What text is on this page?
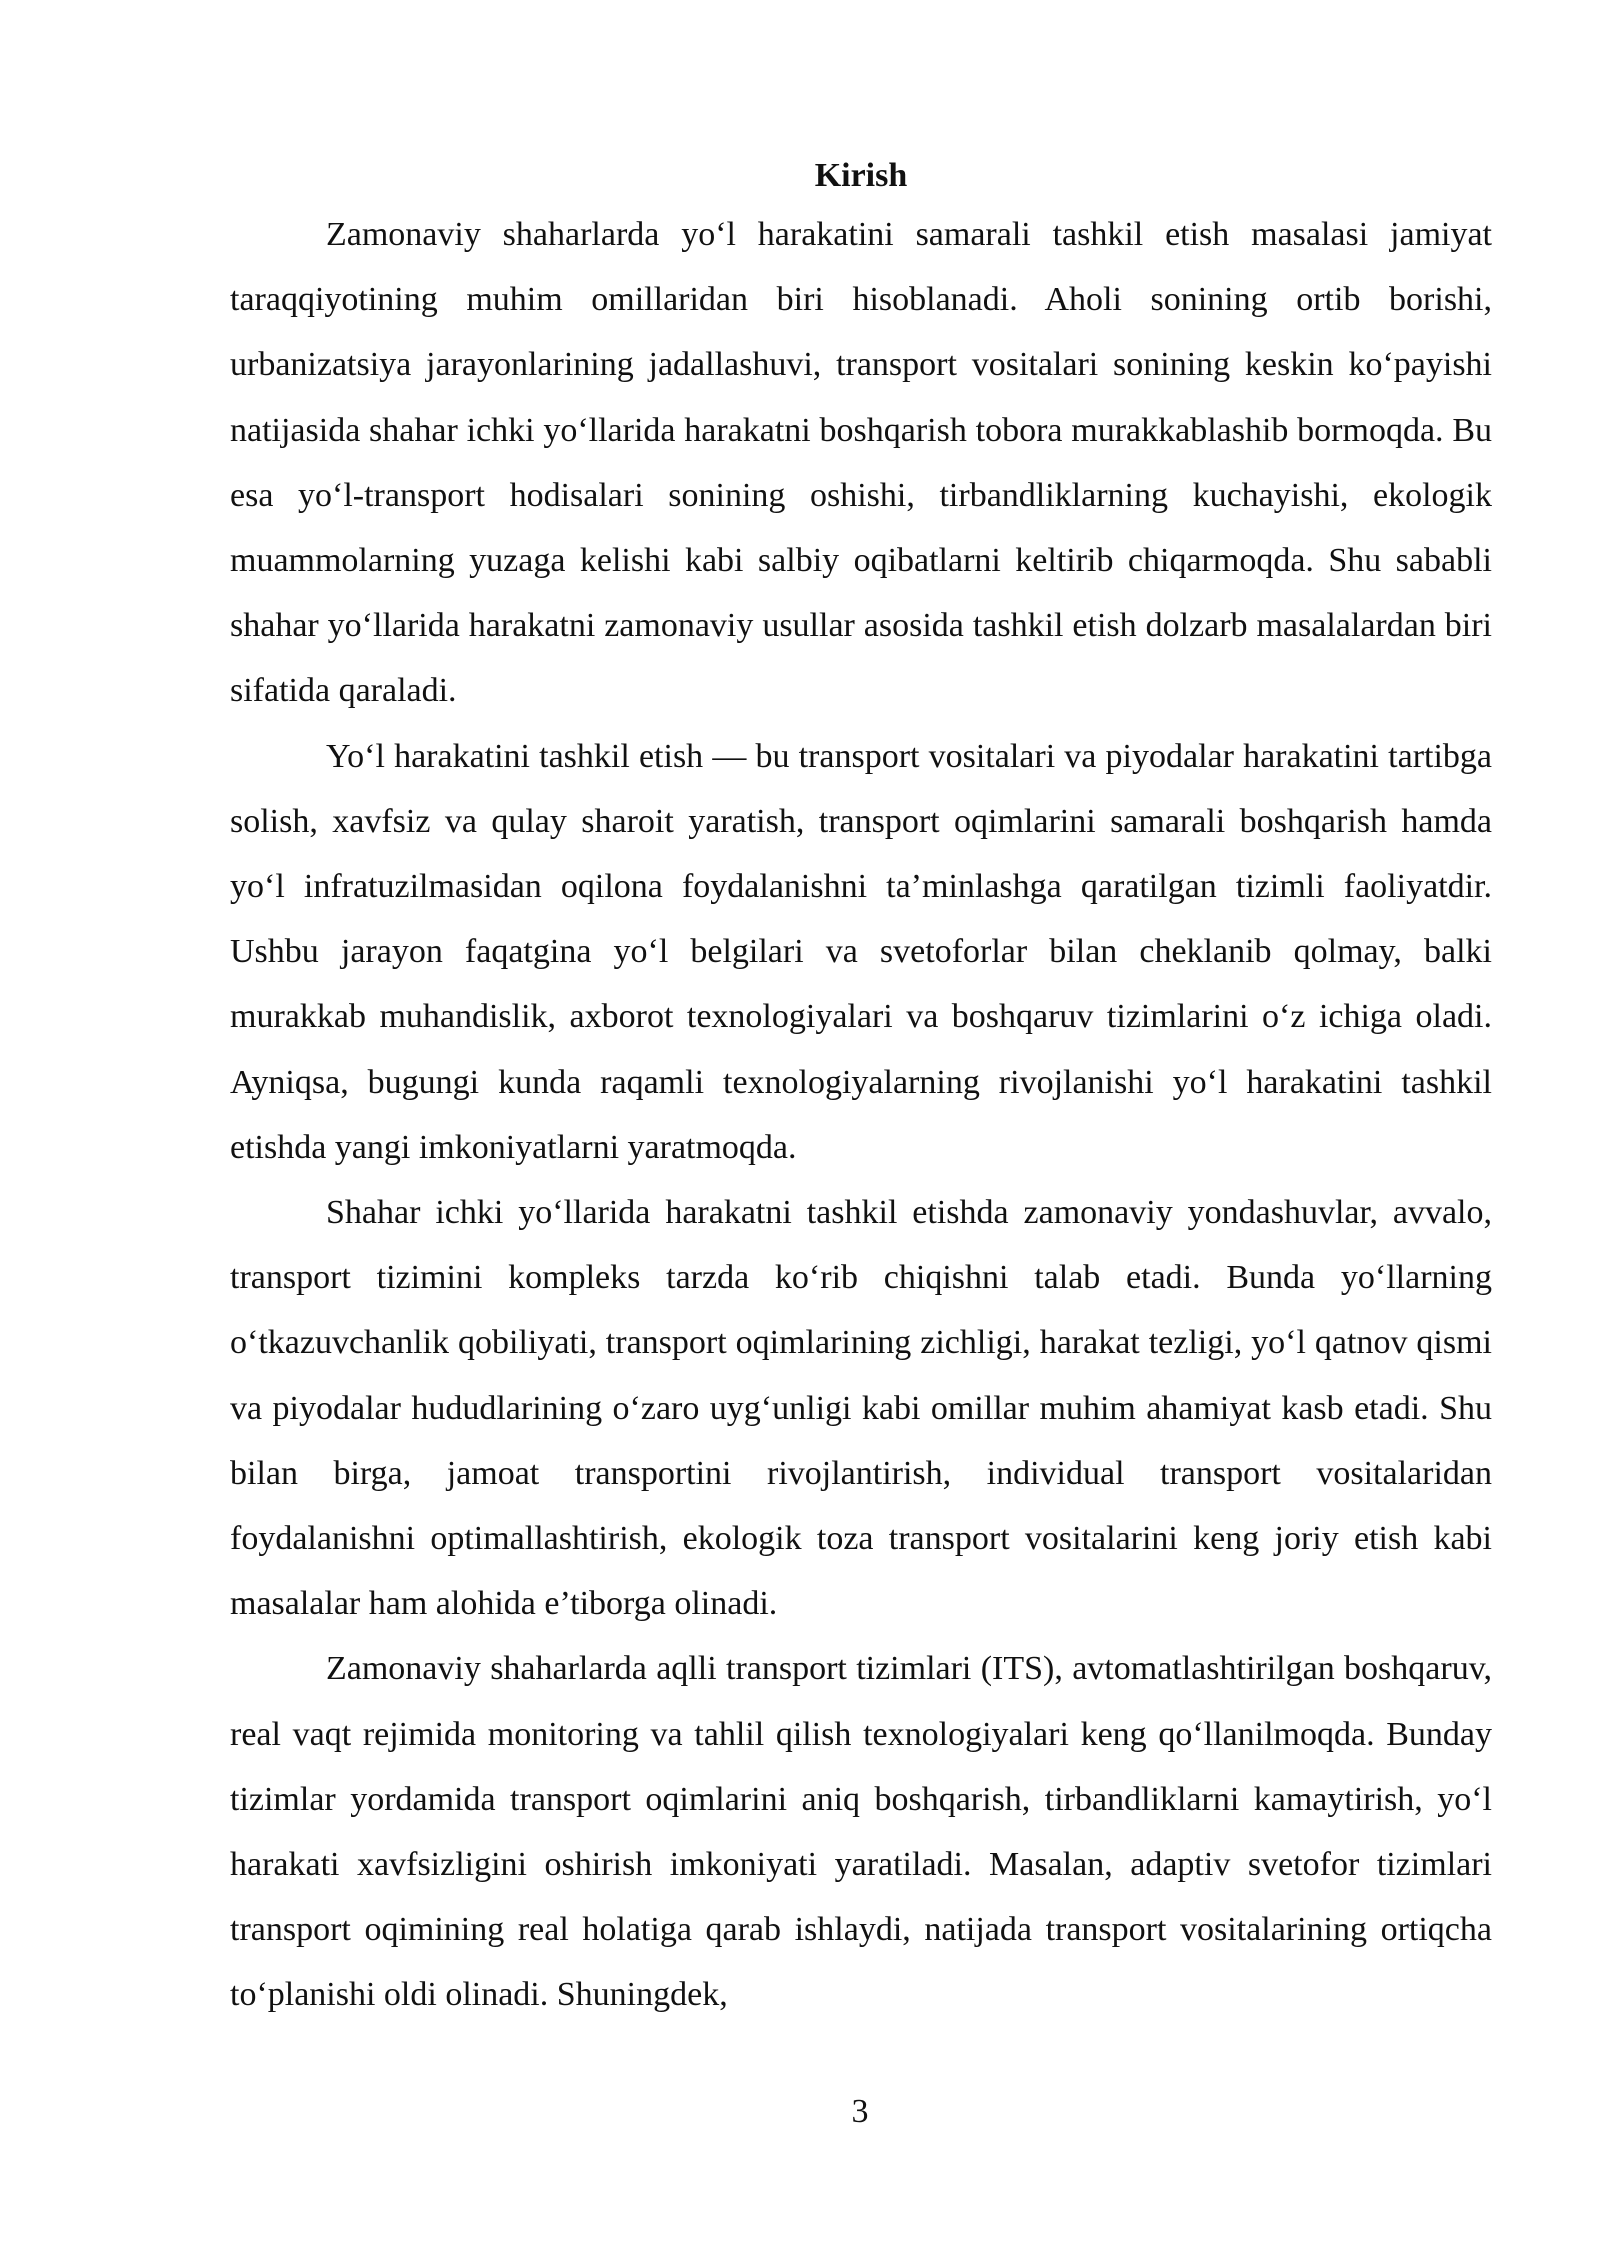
Kirish

Zamonaviy shaharlarda yo‘l harakatini samarali tashkil etish masalasi jamiyat taraqqiyotining muhim omillaridan biri hisoblanadi. Aholi sonining ortib borishi, urbanizatsiya jarayonlarining jadallashuvi, transport vositalari sonining keskin ko‘payishi natijasida shahar ichki yo‘llarida harakatni boshqarish tobora murakkablashib bormoqda. Bu esa yo‘l-transport hodisalari sonining oshishi, tirbandliklarning kuchayishi, ekologik muammolarning yuzaga kelishi kabi salbiy oqibatlarni keltirib chiqarmoqda. Shu sababli shahar yo‘llarida harakatni zamonaviy usullar asosida tashkil etish dolzarb masalalardan biri sifatida qaraladi.

Yo‘l harakatini tashkil etish — bu transport vositalari va piyodalar harakatini tartibga solish, xavfsiz va qulay sharoit yaratish, transport oqimlarini samarali boshqarish hamda yo‘l infratuzilmasidan oqilona foydalanishni ta’minlashga qaratilgan tizimli faoliyatdir. Ushbu jarayon faqatgina yo‘l belgilari va svetoforlar bilan cheklanib qolmay, balki murakkab muhandislik, axborot texnologiyalari va boshqaruv tizimlarini o‘z ichiga oladi. Ayniqsa, bugungi kunda raqamli texnologiyalarning rivojlanishi yo‘l harakatini tashkil etishda yangi imkoniyatlarni yaratmoqda.

Shahar ichki yo‘llarida harakatni tashkil etishda zamonaviy yondashuvlar, avvalo, transport tizimini kompleks tarzda ko‘rib chiqishni talab etadi. Bunda yo‘llarning o‘tkazuvchanlik qobiliyati, transport oqimlarining zichligi, harakat tezligi, yo‘l qatnov qismi va piyodalar hududlarining o‘zaro uyg‘unligi kabi omillar muhim ahamiyat kasb etadi. Shu bilan birga, jamoat transportini rivojlantirish, individual transport vositalaridan foydalanishni optimallashtirish, ekologik toza transport vositalarini keng joriy etish kabi masalalar ham alohida e’tiborga olinadi.

Zamonaviy shaharlarda aqlli transport tizimlari (ITS), avtomatlashtirilgan boshqaruv, real vaqt rejimida monitoring va tahlil qilish texnologiyalari keng qo‘llanilmoqda. Bunday tizimlar yordamida transport oqimlarini aniq boshqarish, tirbandliklarni kamaytirish, yo‘l harakati xavfsizligini oshirish imkoniyati yaratiladi. Masalan, adaptiv svetofor tizimlari transport oqimining real holatiga qarab ishlaydi, natijada transport vositalarining ortiqcha to‘planishi oldi olinadi. Shuningdek,

3
